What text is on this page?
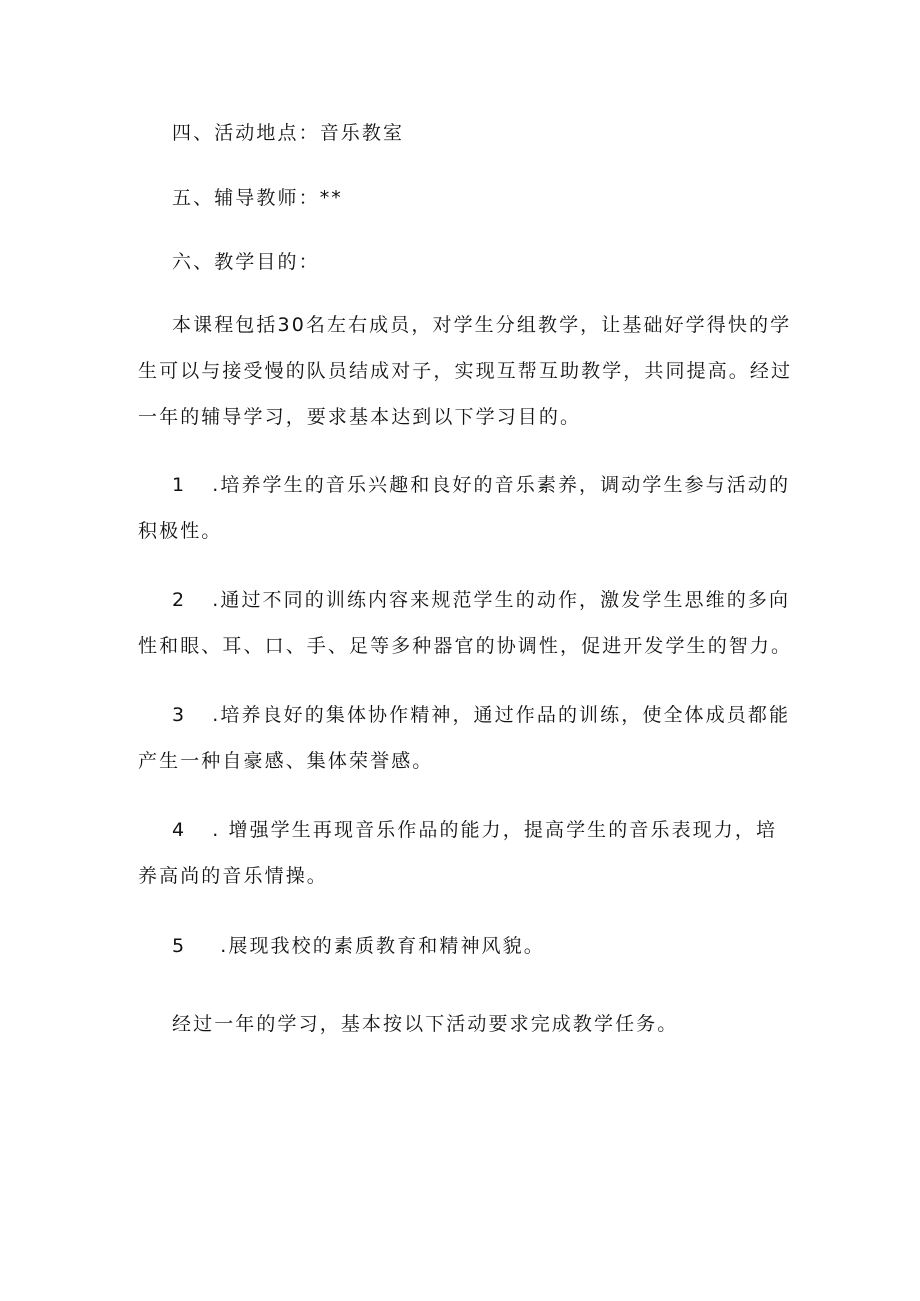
四、活动地点：音乐教室
五、辅导教师：**
六、教学目的：
本课程包括30名左右成员，对学生分组教学，让基础好学得快的学生可以与接受慢的队员结成对子，实现互帮互助教学，共同提高。经过一年的辅导学习，要求基本达到以下学习目的。
1 .培养学生的音乐兴趣和良好的音乐素养，调动学生参与活动的积极性。
2 .通过不同的训练内容来规范学生的动作，激发学生思维的多向性和眼、耳、口、手、足等多种器官的协调性，促进开发学生的智力。
3 .培养良好的集体协作精神，通过作品的训练，使全体成员都能产生一种自豪感、集体荣誉感。
4 . 增强学生再现音乐作品的能力，提高学生的音乐表现力，培养高尚的音乐情操。
5 .展现我校的素质教育和精神风貌。
经过一年的学习，基本按以下活动要求完成教学任务。
